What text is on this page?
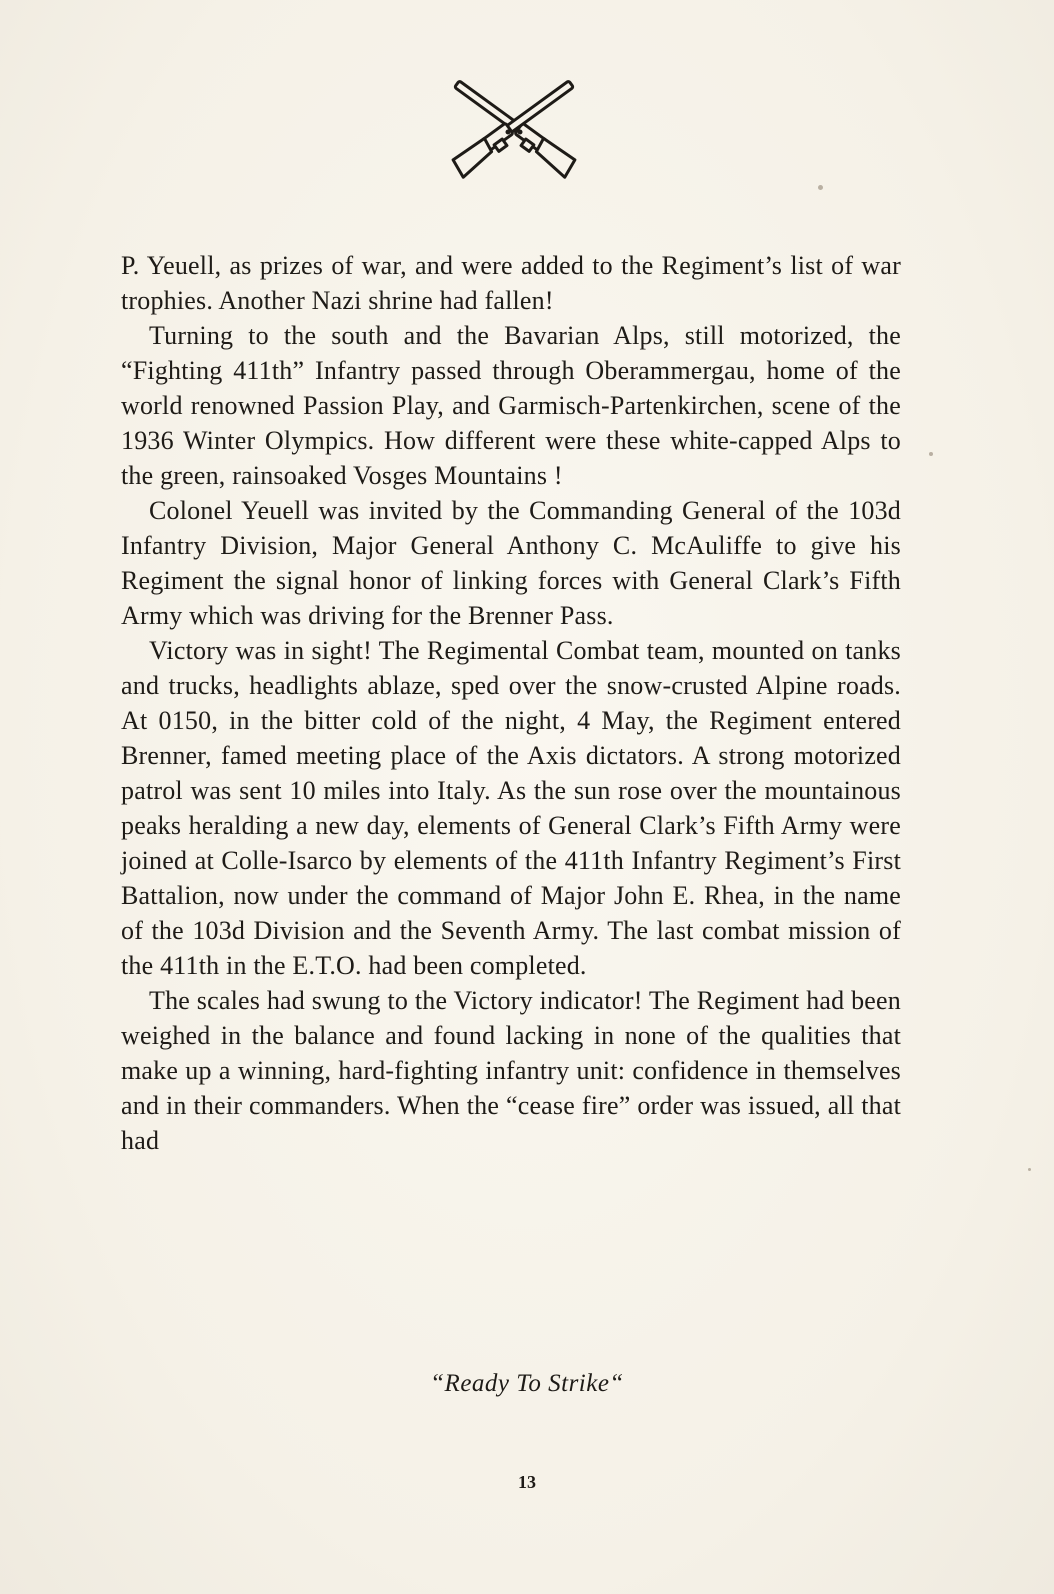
P. Yeuell, as prizes of war, and were added to the Regiment’s list of war trophies. Another Nazi shrine had fallen!

Turning to the south and the Bavarian Alps, still motorized, the “Fighting 411th” Infantry passed through Oberammergau, home of the world renowned Passion Play, and Garmisch-Partenkirchen, scene of the 1936 Winter Olympics. How different were these white-capped Alps to the green, rainsoaked Vosges Mountains !

Colonel Yeuell was invited by the Commanding General of the 103d Infantry Division, Major General Anthony C. McAuliffe to give his Regiment the signal honor of linking forces with General Clark’s Fifth Army which was driving for the Brenner Pass.

Victory was in sight! The Regimental Combat team, mounted on tanks and trucks, headlights ablaze, sped over the snow-crusted Alpine roads. At 0150, in the bitter cold of the night, 4 May, the Regiment entered Brenner, famed meeting place of the Axis dictators. A strong motorized patrol was sent 10 miles into Italy. As the sun rose over the mountainous peaks heralding a new day, elements of General Clark’s Fifth Army were joined at Colle-Isarco by elements of the 411th Infantry Regiment’s First Battalion, now under the command of Major John E. Rhea, in the name of the 103d Division and the Seventh Army. The last combat mission of the 411th in the E.T.O. had been completed.

The scales had swung to the Victory indicator! The Regiment had been weighed in the balance and found lacking in none of the qualities that make up a winning, hard-fighting infantry unit: confidence in themselves and in their commanders. When the “cease fire” order was issued, all that had

“Ready To Strike“
13
